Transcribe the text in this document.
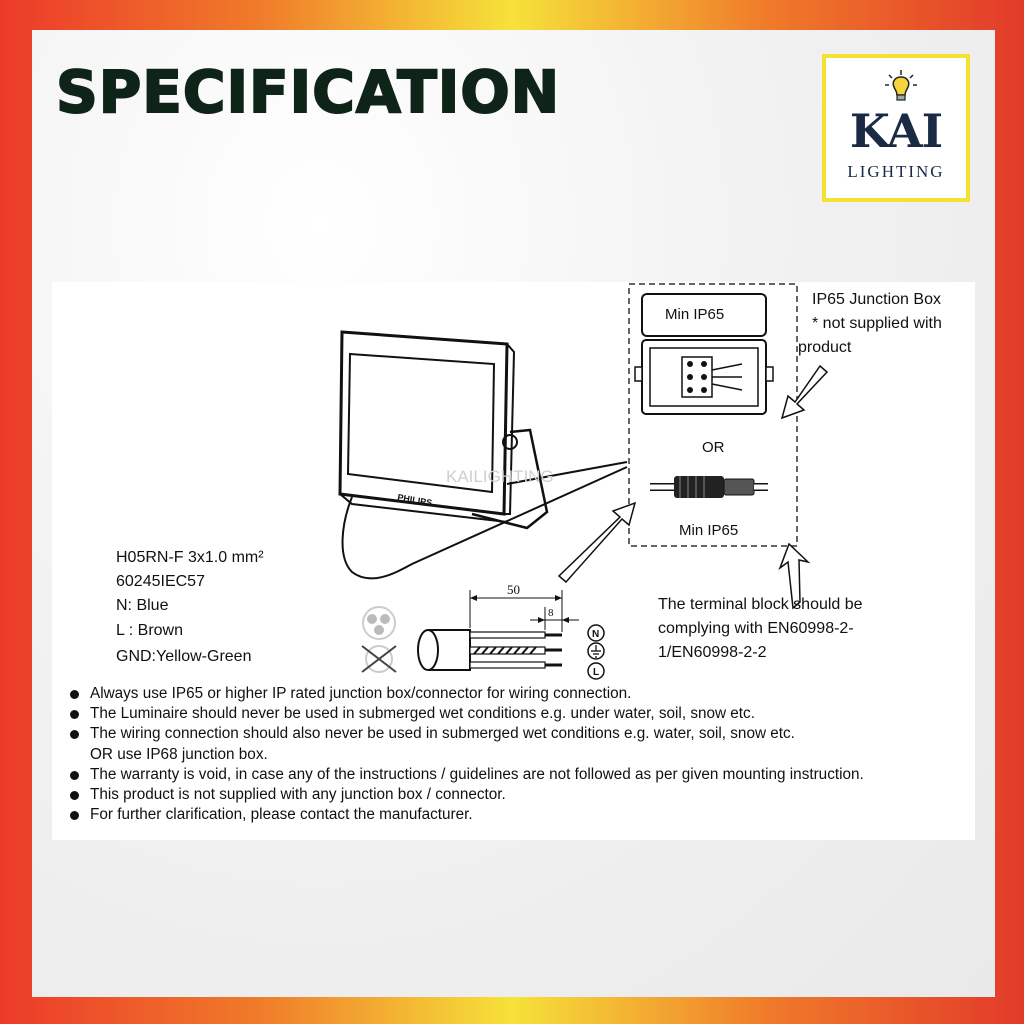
SPECIFICATION
KAI
LIGHTING
PHILIPS
KAILIGHTING
Min IP65
OR
Min IP65
50
8
N
L
H05RN-F 3x1.0 mm²
60245IEC57
N: Blue
L : Brown
GND:Yellow-Green
IP65 Junction Box
* not supplied with
product
The terminal block should be
complying with EN60998-2-
1/EN60998-2-2
Always use IP65 or higher IP rated junction box/connector for wiring connection.
The Luminaire should never be used in submerged wet conditions e.g. under water, soil, snow etc.
The wiring connection should also never be used in submerged wet conditions e.g. water, soil, snow etc.
OR use IP68 junction box.
The warranty is void, in case any of the instructions / guidelines are not followed as per given mounting instruction.
This product is not supplied with any junction box / connector.
For further clarification, please contact the manufacturer.
